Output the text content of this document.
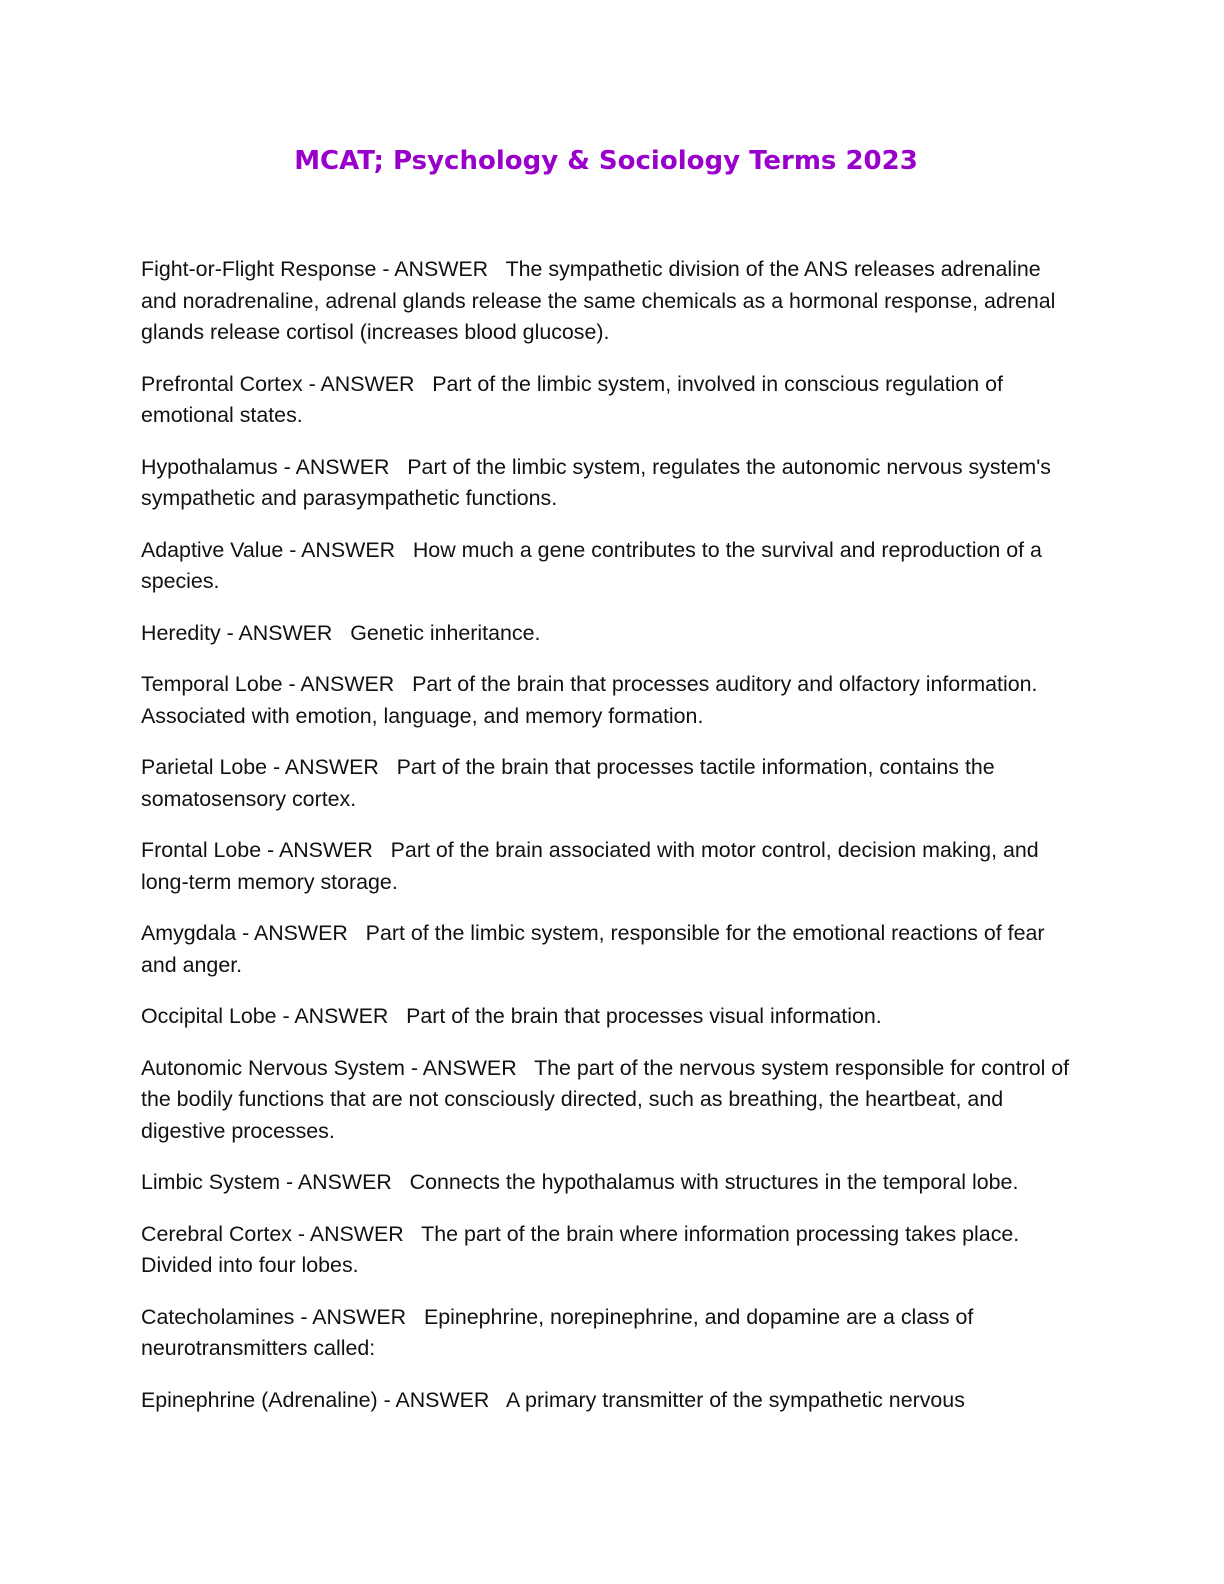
MCAT; Psychology & Sociology Terms 2023

Fight-or-Flight Response - ANSWER   The sympathetic division of the ANS releases adrenaline and noradrenaline, adrenal glands release the same chemicals as a hormonal response, adrenal glands release cortisol (increases blood glucose).

Prefrontal Cortex - ANSWER   Part of the limbic system, involved in conscious regulation of emotional states.

Hypothalamus - ANSWER   Part of the limbic system, regulates the autonomic nervous system's sympathetic and parasympathetic functions.

Adaptive Value - ANSWER   How much a gene contributes to the survival and reproduction of a species.

Heredity - ANSWER   Genetic inheritance.

Temporal Lobe - ANSWER   Part of the brain that processes auditory and olfactory information. Associated with emotion, language, and memory formation.

Parietal Lobe - ANSWER   Part of the brain that processes tactile information, contains the somatosensory cortex.

Frontal Lobe - ANSWER   Part of the brain associated with motor control, decision making, and long-term memory storage.

Amygdala - ANSWER   Part of the limbic system, responsible for the emotional reactions of fear and anger.

Occipital Lobe - ANSWER   Part of the brain that processes visual information.

Autonomic Nervous System - ANSWER   The part of the nervous system responsible for control of the bodily functions that are not consciously directed, such as breathing, the heartbeat, and digestive processes.

Limbic System - ANSWER   Connects the hypothalamus with structures in the temporal lobe.

Cerebral Cortex - ANSWER   The part of the brain where information processing takes place. Divided into four lobes.

Catecholamines - ANSWER   Epinephrine, norepinephrine, and dopamine are a class of neurotransmitters called:

Epinephrine (Adrenaline) - ANSWER   A primary transmitter of the sympathetic nervous
